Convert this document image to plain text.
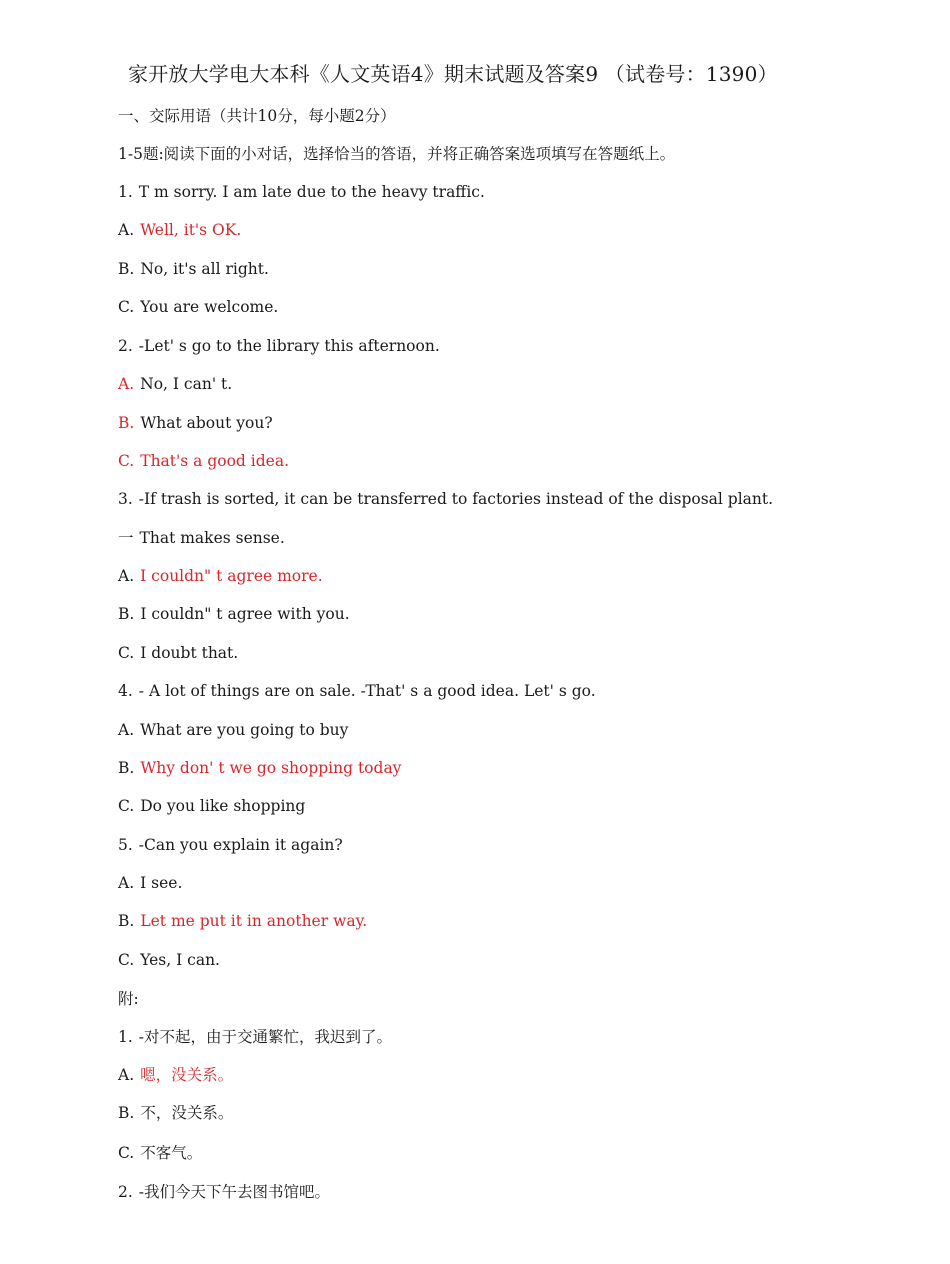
家开放大学电大本科《人文英语4》期末试题及答案9 （试卷号：1390）
一、交际用语（共计10分，每小题2分）
1-5题:阅读下面的小对话，选择恰当的答语，并将正确答案选项填写在答题纸上。
1. T m sorry. I am late due to the heavy traffic.
A. Well, it's OK.
B. No, it's all right.
C. You are welcome.
2. -Let' s go to the library this afternoon.
A. No, I can' t.
B. What about you?
C. That's a good idea.
3. -If trash is sorted, it can be transferred to factories instead of the disposal plant.
一 That makes sense.
A. I couldn" t agree more.
B. I couldn" t agree with you.
C. I doubt that.
4. - A lot of things are on sale. -That' s a good idea. Let' s go.
A. What are you going to buy
B. Why don' t we go shopping today
C. Do you like shopping
5. -Can you explain it again?
A. I see.
B. Let me put it in another way.
C. Yes, I can.
附:
1. -对不起，由于交通繁忙，我迟到了。
A. 嗯，没关系。
B. 不，没关系。
C. 不客气。
2. -我们今天下午去图书馆吧。
